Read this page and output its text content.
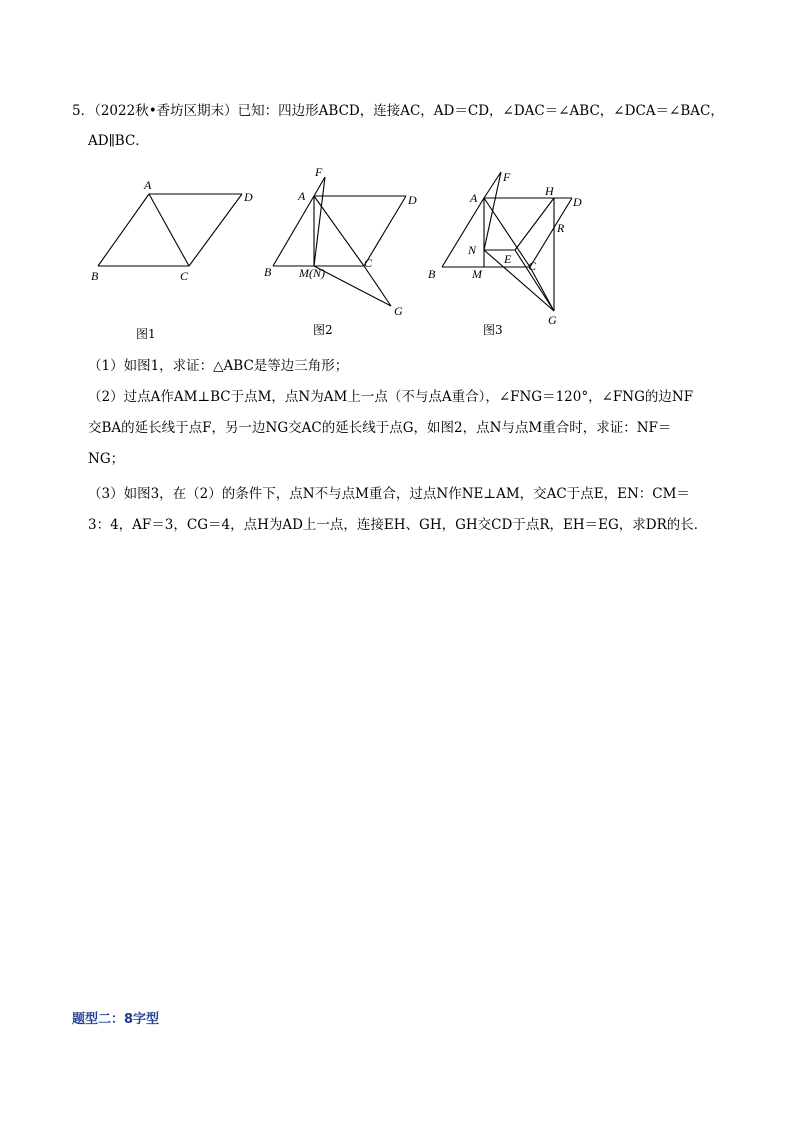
5．（2022秋•香坊区期末）已知：四边形ABCD，连接AC，AD＝CD，∠DAC＝∠ABC，∠DCA＝∠BAC，
AD∥BC．
A
D
B	C
图1
F
A	D
B M(N)
C
G
图2
F
H
A	D
R
N
E C
B	M
G
图3
（1）如图1，求证：△ABC是等边三角形；
（2）过点A作AM⊥BC于点M，点N为AM上一点（不与点A重合），∠FNG＝120°，∠FNG的边NF
交BA的延长线于点F，另一边NG交AC的延长线于点G，如图2，点N与点M重合时，求证：NF＝
NG；
（3）如图3，在（2）的条件下，点N不与点M重合，过点N作NE⊥AM，交AC于点E，EN：CM＝
3：4，AF＝3，CG＝4，点H为AD上一点，连接EH、GH，GH交CD于点R，EH＝EG，求DR的长．
题型二：8字型
